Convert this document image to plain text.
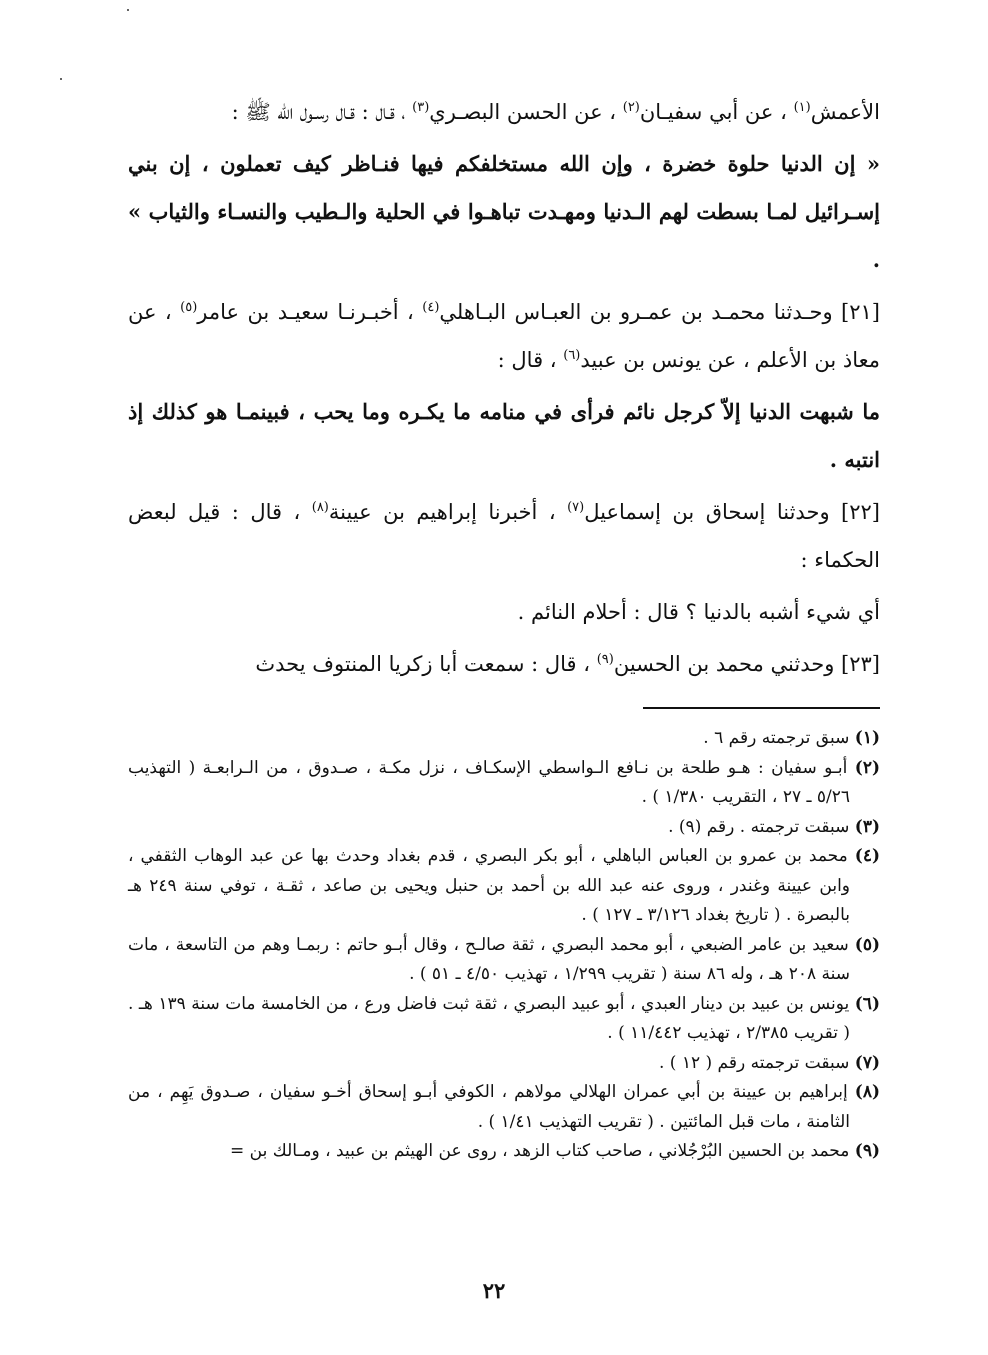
الأعمش$^{(١)}$ ، عن أبي سفيـان$^{(٢)}$ ، عن الحسن البصـري$^{(٣)}$ ، قـال : قـال رسـول الله ﷺ :

« إن الدنيا حلوة خضرة ، وإن الله مستخلفكم فيها فنـاظر كيف تعملون ، إن بني إسـرائيل لمـا بسطت لهم الـدنيا ومهـدت تباهـوا في الحلية والـطيب والنسـاء والثياب » .

[٢١] وحـدثنا محمـد بن عمـرو بن العبـاس البـاهلي$^{(٤)}$ ، أخبـرنـا سعيـد بن عامر$^{(٥)}$ ، عن معاذ بن الأعلم ، عن يونس بن عبيد$^{(٦)}$ ، قال :

ما شبهت الدنيا إلاّ كرجل نائم فرأى في منامه ما يكـره وما يحب ، فبينمـا هو كذلك إذ انتبه .

[٢٢] وحدثنا إسحاق بن إسماعيل$^{(٧)}$ ، أخبرنا إبراهيم بن عيينة$^{(٨)}$ ، قال : قيل لبعض الحكماء :

أي شيء أشبه بالدنيا ؟ قال : أحلام النائم .

[٢٣] وحدثني محمد بن الحسين$^{(٩)}$ ، قال : سمعت أبا زكريا المنتوف يحدث

(١) سبق ترجمته رقم ٦ .

(٢) أبـو سفيان : هـو طلحة بن نـافع الـواسطي الإسكـاف ، نزل مكـة ، صـدوق ، من الـرابعـة ( التهذيب ٥/٢٦ ـ ٢٧ ، التقريب ١/٣٨٠ ) .

(٣) سبقت ترجمته . رقم (٩) .

(٤) محمد بن عمرو بن العباس الباهلي ، أبو بكر البصري ، قدم بغداد وحدث بها عن عبد الوهاب الثقفي ، وابن عيينة وغندر ، وروى عنه عبد الله بن أحمد بن حنبل ويحيى بن صاعد ، ثقـة ، توفي سنة ٢٤٩ هـ بالبصرة . ( تاريخ بغداد ٣/١٢٦ ـ ١٢٧ ) .

(٥) سعيد بن عامر الضبعي ، أبو محمد البصري ، ثقة صالـح ، وقال أبـو حاتم : ربمـا وهم من التاسعة ، مات سنة ٢٠٨ هـ ، وله ٨٦ سنة ( تقريب ١/٢٩٩ ، تهذيب ٤/٥٠ ـ ٥١ ) .

(٦) يونس بن عبيد بن دينار العبدي ، أبو عبيد البصري ، ثقة ثبت فاضل ورع ، من الخامسة مات سنة ١٣٩ هـ . ( تقريب ٢/٣٨٥ ، تهذيب ١١/٤٤٢ ) .

(٧) سبقت ترجمته رقم ( ١٢ ) .

(٨) إبراهيم بن عيينة بن أبي عمران الهلالي مولاهم ، الكوفي أبـو إسحاق أخـو سفيان ، صـدوق يَهِم ، من الثامنة ، مات قبل المائتين . ( تقريب التهذيب ١/٤١ ) .

(٩) محمد بن الحسين البُرْجُلاني ، صاحب كتاب الزهد ، روى عن الهيثم بن عبيد ، ومـالك بن =

٢٢
